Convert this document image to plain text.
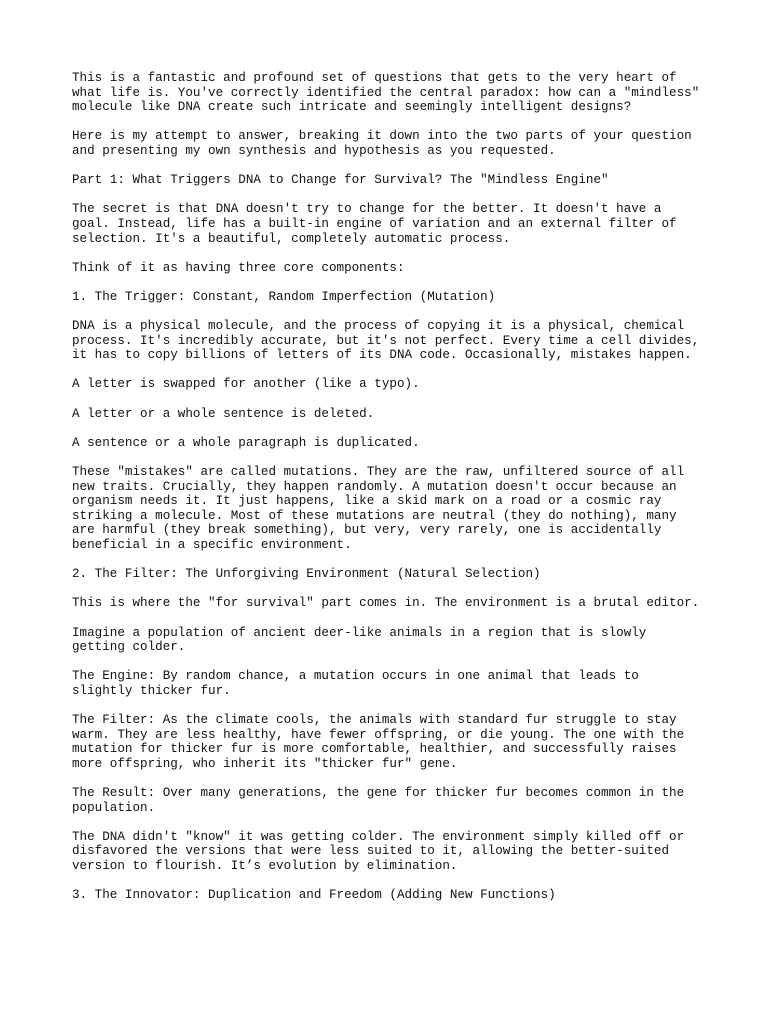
This is a fantastic and profound set of questions that gets to the very heart of
what life is. You've correctly identified the central paradox: how can a "mindless"
molecule like DNA create such intricate and seemingly intelligent designs?

Here is my attempt to answer, breaking it down into the two parts of your question
and presenting my own synthesis and hypothesis as you requested.

Part 1: What Triggers DNA to Change for Survival? The "Mindless Engine"

The secret is that DNA doesn't try to change for the better. It doesn't have a
goal. Instead, life has a built-in engine of variation and an external filter of
selection. It's a beautiful, completely automatic process.

Think of it as having three core components:

1. The Trigger: Constant, Random Imperfection (Mutation)

DNA is a physical molecule, and the process of copying it is a physical, chemical
process. It's incredibly accurate, but it's not perfect. Every time a cell divides,
it has to copy billions of letters of its DNA code. Occasionally, mistakes happen.

A letter is swapped for another (like a typo).

A letter or a whole sentence is deleted.

A sentence or a whole paragraph is duplicated.

These "mistakes" are called mutations. They are the raw, unfiltered source of all
new traits. Crucially, they happen randomly. A mutation doesn't occur because an
organism needs it. It just happens, like a skid mark on a road or a cosmic ray
striking a molecule. Most of these mutations are neutral (they do nothing), many
are harmful (they break something), but very, very rarely, one is accidentally
beneficial in a specific environment.

2. The Filter: The Unforgiving Environment (Natural Selection)

This is where the "for survival" part comes in. The environment is a brutal editor.

Imagine a population of ancient deer-like animals in a region that is slowly
getting colder.

The Engine: By random chance, a mutation occurs in one animal that leads to
slightly thicker fur.

The Filter: As the climate cools, the animals with standard fur struggle to stay
warm. They are less healthy, have fewer offspring, or die young. The one with the
mutation for thicker fur is more comfortable, healthier, and successfully raises
more offspring, who inherit its "thicker fur" gene.

The Result: Over many generations, the gene for thicker fur becomes common in the
population.

The DNA didn't "know" it was getting colder. The environment simply killed off or
disfavored the versions that were less suited to it, allowing the better-suited
version to flourish. It’s evolution by elimination.

3. The Innovator: Duplication and Freedom (Adding New Functions)
